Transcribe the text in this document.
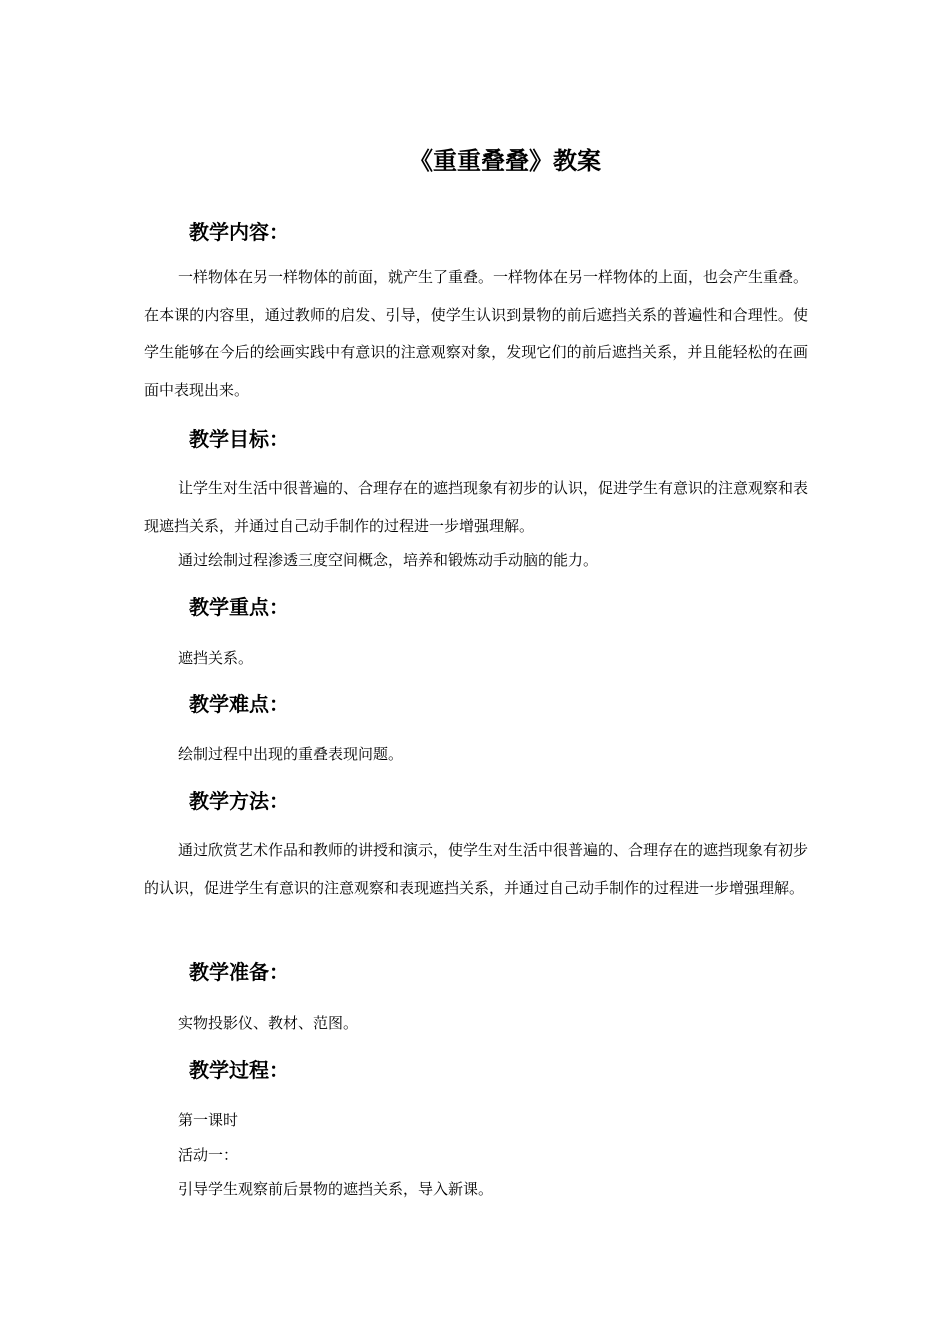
《重重叠叠》教案
教学内容：

一样物体在另一样物体的前面，就产生了重叠。一样物体在另一样物体的上面，也会产生重叠。在本课的内容里，通过教师的启发、引导，使学生认识到景物的前后遮挡关系的普遍性和合理性。使学生能够在今后的绘画实践中有意识的注意观察对象，发现它们的前后遮挡关系，并且能轻松的在画面中表现出来。

教学目标：

让学生对生活中很普遍的、合理存在的遮挡现象有初步的认识，促进学生有意识的注意观察和表现遮挡关系，并通过自己动手制作的过程进一步增强理解。

通过绘制过程渗透三度空间概念，培养和锻炼动手动脑的能力。

教学重点：

遮挡关系。

教学难点：

绘制过程中出现的重叠表现问题。

教学方法：

通过欣赏艺术作品和教师的讲授和演示，使学生对生活中很普遍的、合理存在的遮挡现象有初步的认识，促进学生有意识的注意观察和表现遮挡关系，并通过自己动手制作的过程进一步增强理解。

教学准备：

实物投影仪、教材、范图。

教学过程：

第一课时

活动一：

引导学生观察前后景物的遮挡关系，导入新课。
